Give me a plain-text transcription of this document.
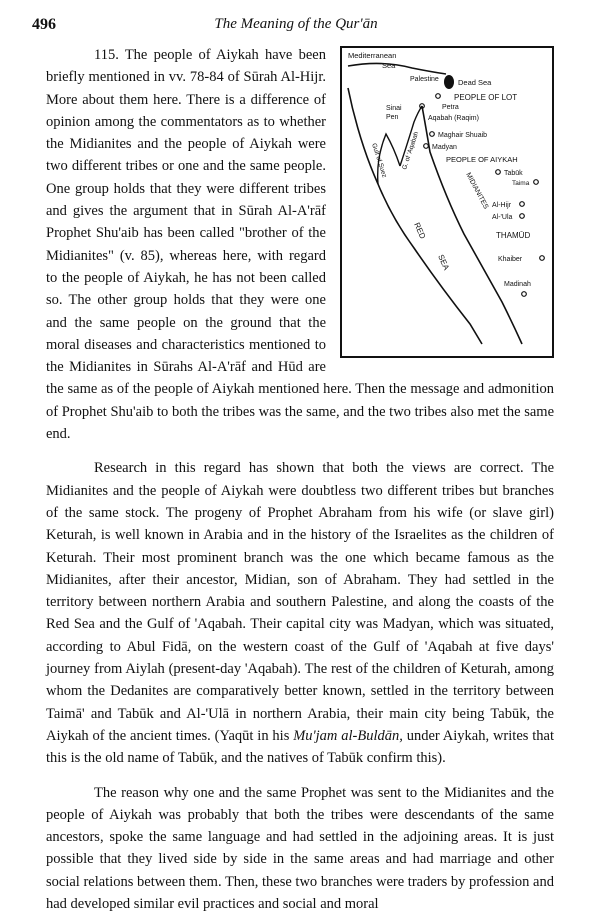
496	The Meaning of the Qur'ān

Mediterranean
Sea
Palestine	Dead Sea
PEOPLE OF LOT
Petra
Sinai
Pen	Aqabah (Raqim)
Gulf of Suez G. of 'Aqabah	Maghair Shuaib
Madyan
PEOPLE OF AIYKAH
Tabūk
Taima
MIDIANITES Al-Hijr
Al-'Ula
RED
SEA
THAMŪD
Khaiber
Madinah
115. The people of Aiykah have been briefly mentioned in vv. 78-84 of Sūrah Al-Hijr. More about them here. There is a difference of opinion among the commentators as to whether the Midianites and the people of Aiykah were two different tribes or one and the same people. One group holds that they were different tribes and gives the argument that in Sūrah Al-A'rāf Prophet Shu'aib has been called "brother of the Midianites" (v. 85), whereas here, with regard to the people of Aiykah, he has not been called so. The other group holds that they were one and the same people on the ground that the moral diseases and characteristics mentioned to the Midianites in Sūrahs Al-A'rāf and Hūd are the same as of the people of Aiykah mentioned here. Then the message and admonition of Prophet Shu'aib to both the tribes was the same, and the two tribes also met the same end.

Research in this regard has shown that both the views are correct. The Midianites and the people of Aiykah were doubtless two different tribes but branches of the same stock. The progeny of Prophet Abraham from his wife (or slave girl) Keturah, is well known in Arabia and in the history of the Israelites as the children of Keturah. Their most prominent branch was the one which became famous as the Midianites, after their ancestor, Midian, son of Abraham. They had settled in the territory between northern Arabia and southern Palestine, and along the coasts of the Red Sea and the Gulf of 'Aqabah. Their capital city was Madyan, which was situated, according to Abul Fidā, on the western coast of the Gulf of 'Aqabah at five days' journey from Aiylah (present-day 'Aqabah). The rest of the children of Keturah, among whom the Dedanites are comparatively better known, settled in the territory between Taimā' and Tabūk and Al-'Ulā in northern Arabia, their main city being Tabūk, the Aiykah of the ancient times. (Yaqūt in his Mu'jam al-Buldān, under Aiykah, writes that this is the old name of Tabūk, and the natives of Tabūk confirm this).

The reason why one and the same Prophet was sent to the Midianites and the people of Aiykah was probably that both the tribes were descendants of the same ancestors, spoke the same language and had settled in the adjoining areas. It is just possible that they lived side by side in the same areas and had marriage and other social relations between them. Then, these two branches were traders by profession and had developed similar evil practices and social and moral
